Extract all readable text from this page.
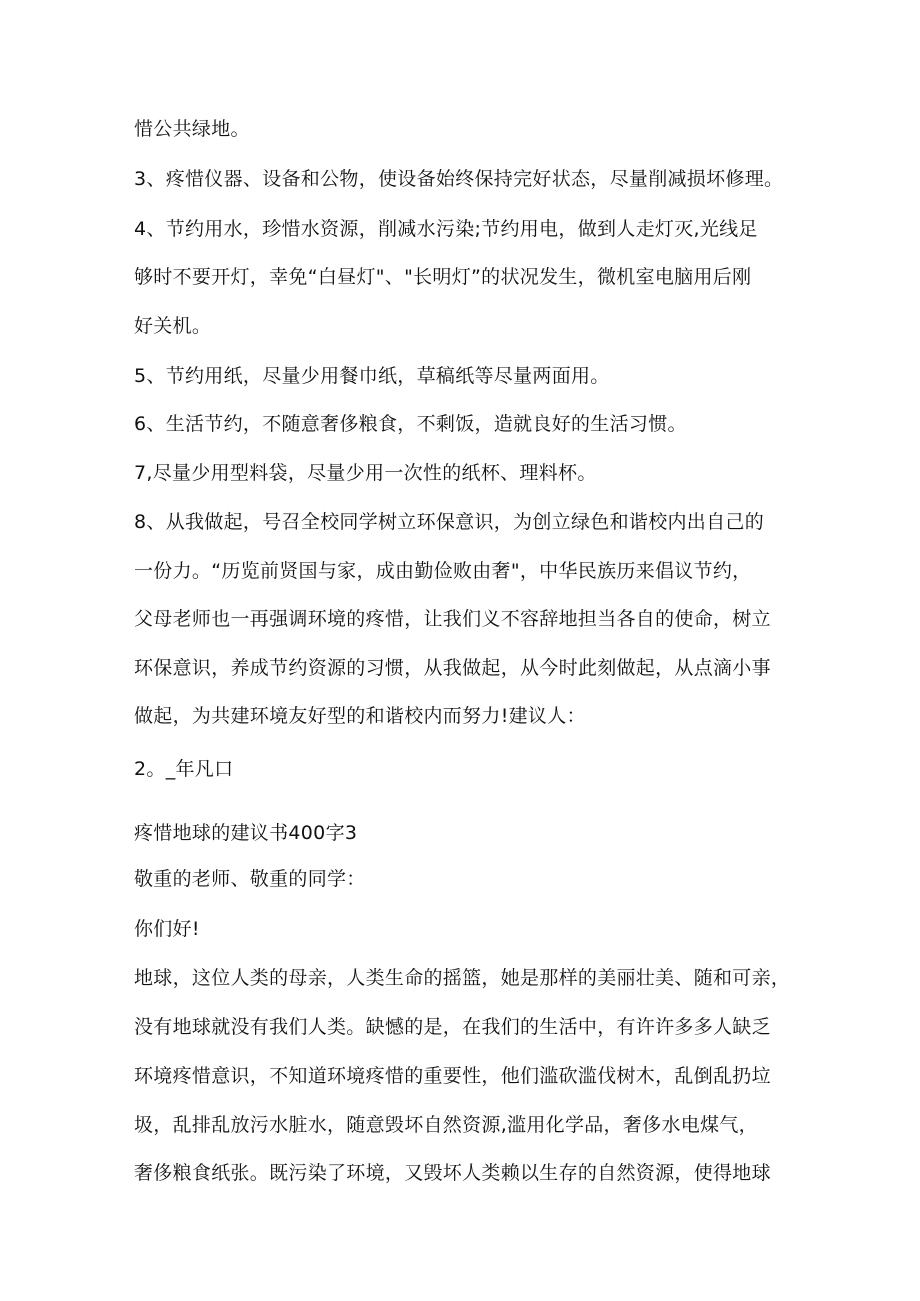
惜公共绿地。
3、疼惜仪器、设备和公物，使设备始终保持完好状态，尽量削减损坏修理。
4、节约用水，珍惜水资源，削减水污染;节约用电，做到人走灯灭,光线足
够时不要开灯，幸免“白昼灯"、"长明灯”的状况发生，微机室电脑用后刚
好关机。
5、节约用纸，尽量少用餐巾纸，草稿纸等尽量两面用。
6、生活节约，不随意奢侈粮食，不剩饭，造就良好的生活习惯。
7,尽量少用型料袋，尽量少用一次性的纸杯、理料杯。
8、从我做起，号召全校同学树立环保意识，为创立绿色和谐校内出自己的
一份力。“历览前贤国与家，成由勤俭败由奢"，中华民族历来倡议节约，
父母老师也一再强调环境的疼惜，让我们义不容辞地担当各自的使命，树立
环保意识，养成节约资源的习惯，从我做起，从今时此刻做起，从点滴小事
做起，为共建环境友好型的和谐校内而努力!建议人：
2。_年凡口
疼惜地球的建议书400字3
敬重的老师、敬重的同学：
你们好!
地球，这位人类的母亲，人类生命的摇篮，她是那样的美丽壮美、随和可亲，
没有地球就没有我们人类。缺憾的是，在我们的生活中，有许许多多人缺乏
环境疼惜意识，不知道环境疼惜的重要性，他们滥砍滥伐树木，乱倒乱扔垃
圾，乱排乱放污水脏水，随意毁坏自然资源,滥用化学品，奢侈水电煤气，
奢侈粮食纸张。既污染了环境，又毁坏人类赖以生存的自然资源，使得地球
